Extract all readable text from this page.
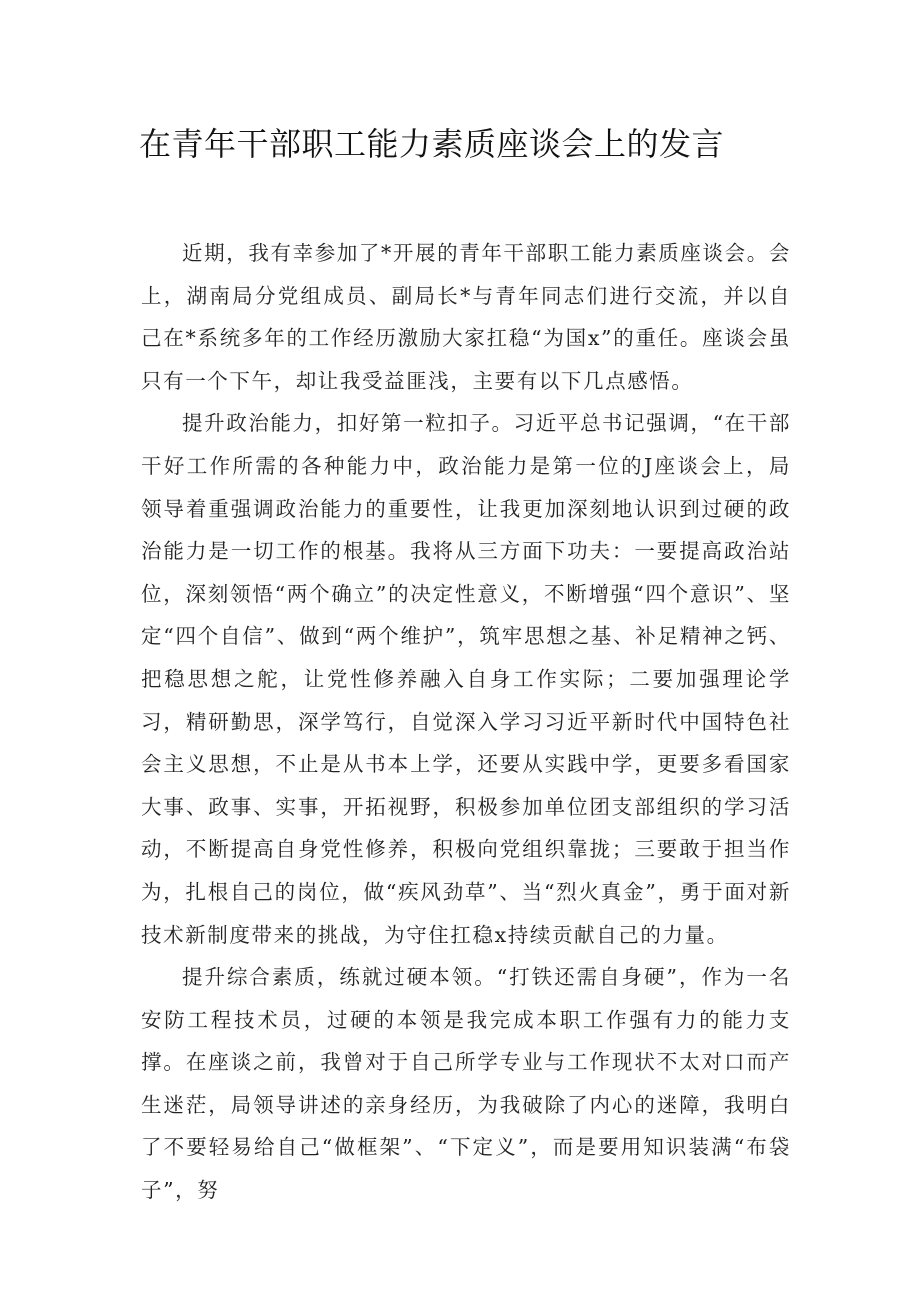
在青年干部职工能力素质座谈会上的发言

近期，我有幸参加了*开展的青年干部职工能力素质座谈会。会上，湖南局分党组成员、副局长*与青年同志们进行交流，并以自己在*系统多年的工作经历激励大家扛稳“为国x”的重任。座谈会虽只有一个下午，却让我受益匪浅，主要有以下几点感悟。

提升政治能力，扣好第一粒扣子。习近平总书记强调，“在干部干好工作所需的各种能力中，政治能力是第一位的J座谈会上，局领导着重强调政治能力的重要性，让我更加深刻地认识到过硬的政治能力是一切工作的根基。我将从三方面下功夫：一要提高政治站位，深刻领悟“两个确立”的决定性意义，不断增强“四个意识”、坚定“四个自信”、做到“两个维护”，筑牢思想之基、补足精神之钙、把稳思想之舵，让党性修养融入自身工作实际；二要加强理论学习，精研勤思，深学笃行，自觉深入学习习近平新时代中国特色社会主义思想，不止是从书本上学，还要从实践中学，更要多看国家大事、政事、实事，开拓视野，积极参加单位团支部组织的学习活动，不断提高自身党性修养，积极向党组织靠拢；三要敢于担当作为，扎根自己的岗位，做“疾风劲草”、当“烈火真金”，勇于面对新技术新制度带来的挑战，为守住扛稳x持续贡献自己的力量。

提升综合素质，练就过硬本领。“打铁还需自身硬”，作为一名安防工程技术员，过硬的本领是我完成本职工作强有力的能力支撑。在座谈之前，我曾对于自己所学专业与工作现状不太对口而产生迷茫，局领导讲述的亲身经历，为我破除了内心的迷障，我明白了不要轻易给自己“做框架”、“下定义”，而是要用知识装满“布袋子”，努
